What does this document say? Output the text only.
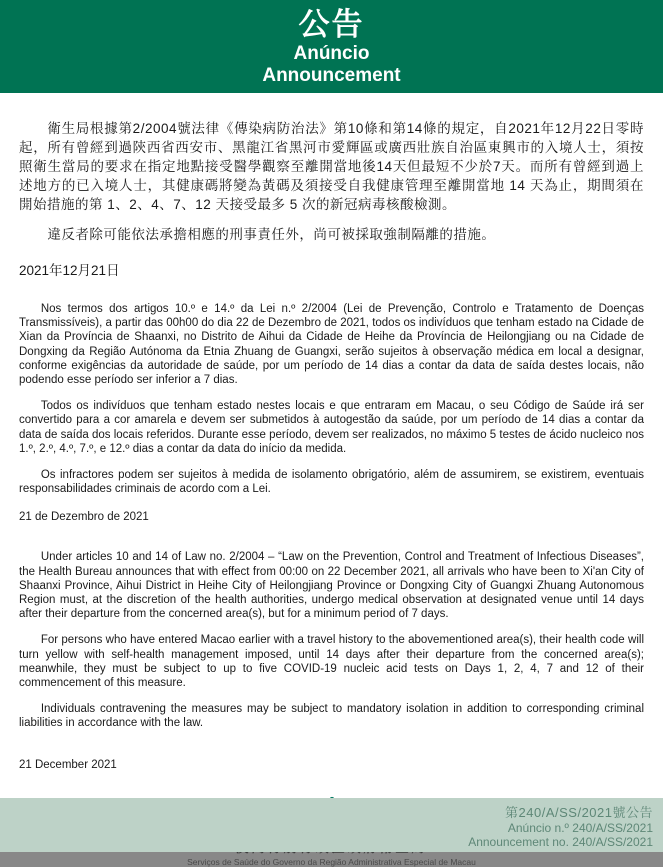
公告
Anúncio
Announcement

衛生局根據第2/2004號法律《傳染病防治法》第10條和第14條的規定，自2021年12月22日零時起，所有曾經到過陝西省西安市、黑龍江省黑河市愛輝區或廣西壯族自治區東興市的入境人士，須按照衛生當局的要求在指定地點接受醫學觀察至離開當地後14天但最短不少於7天。而所有曾經到過上述地方的已入境人士，其健康碼將變為黃碼及須接受自我健康管理至離開當地 14 天為止，期間須在開始措施的第 1、2、4、7、12 天接受最多 5 次的新冠病毒核酸檢測。

違反者除可能依法承擔相應的刑事責任外，尚可被採取強制隔離的措施。

2021年12月21日

Nos termos dos artigos 10.º e 14.º da Lei n.º 2/2004 (Lei de Prevenção, Controlo e Tratamento de Doenças Transmissíveis), a partir das 00h00 do dia 22 de Dezembro de 2021, todos os indivíduos que tenham estado na Cidade de Xian da Província de Shaanxi, no Distrito de Aihui da Cidade de Heihe da Província de Heilongjiang ou na Cidade de Dongxing da Região Autónoma da Etnia Zhuang de Guangxi, serão sujeitos à observação médica em local a designar, conforme exigências da autoridade de saúde, por um período de 14 dias a contar da data de saída destes locais, não podendo esse período ser inferior a 7 dias.

Todos os indivíduos que tenham estado nestes locais e que entraram em Macau, o seu Código de Saúde irá ser convertido para a cor amarela e devem ser submetidos à autogestão da saúde, por um período de 14 dias a contar da data de saída dos locais referidos. Durante esse período, devem ser realizados, no máximo 5 testes de ácido nucleico nos 1.º, 2.º, 4.º, 7.º, e 12.º dias a contar da data do início da medida.

Os infractores podem ser sujeitos à medida de isolamento obrigatório, além de assumirem, se existirem, eventuais responsabilidades criminais de acordo com a Lei.

21 de Dezembro de 2021

Under articles 10 and 14 of Law no. 2/2004 – “Law on the Prevention, Control and Treatment of Infectious Diseases”, the Health Bureau announces that with effect from 00:00 on 22 December 2021, all arrivals who have been to Xi'an City of Shaanxi Province, Aihui District in Heihe City of Heilongjiang Province or Dongxing City of Guangxi Zhuang Autonomous Region must, at the discretion of the health authorities, undergo medical observation at designated venue until 14 days after their departure from the concerned area(s), but for a minimum period of 7 days.

For persons who have entered Macao earlier with a travel history to the abovementioned area(s), their health code will turn yellow with self-health management imposed, until 14 days after their departure from the concerned area(s); meanwhile, they must be subject to up to five COVID-19 nucleic acid tests on Days 1, 2, 4, 7 and 12 of their commencement of this measure.

Individuals contravening the measures may be subject to mandatory isolation in addition to corresponding criminal liabilities in accordance with the law.

21 December 2021

Serviços de Saúde do Governo da Região Administrativa Especial de Macau
第240/A/SS/2021號公告
Anúncio n.º 240/A/SS/2021
Announcement no. 240/A/SS/2021
